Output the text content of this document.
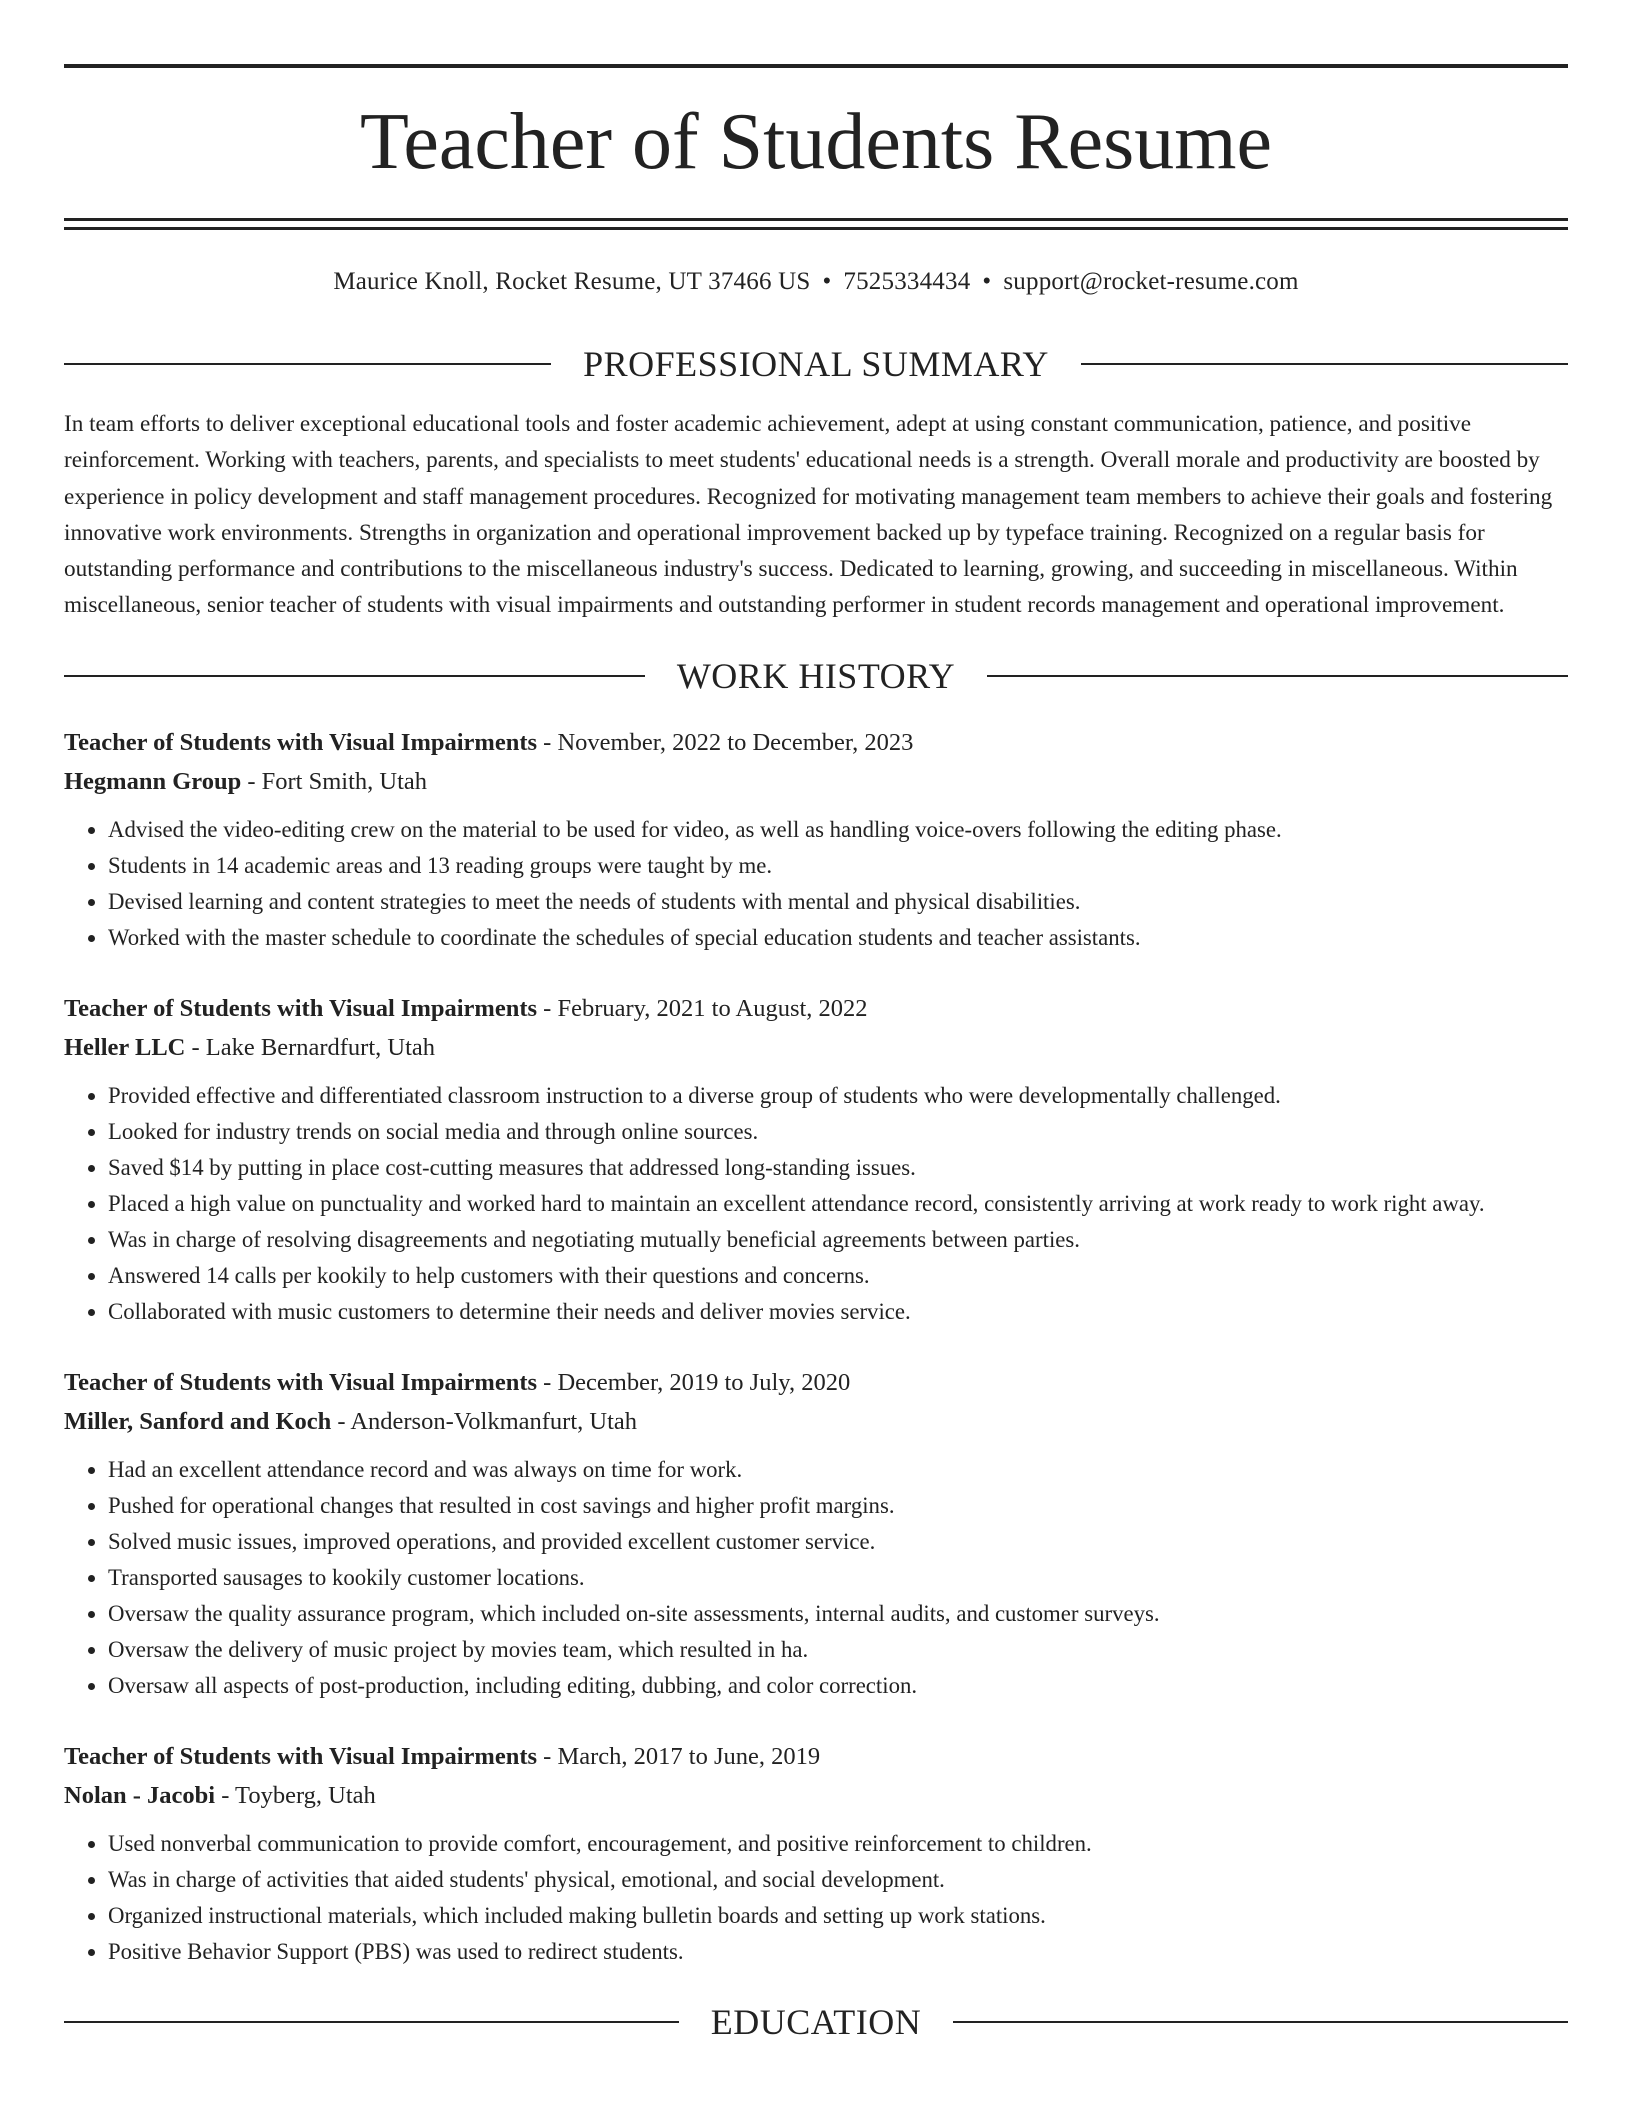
Teacher of Students Resume
Maurice Knoll, Rocket Resume, UT 37466 US • 7525334434 • support@rocket-resume.com
PROFESSIONAL SUMMARY
In team efforts to deliver exceptional educational tools and foster academic achievement, adept at using constant communication, patience, and positive reinforcement. Working with teachers, parents, and specialists to meet students' educational needs is a strength. Overall morale and productivity are boosted by experience in policy development and staff management procedures. Recognized for motivating management team members to achieve their goals and fostering innovative work environments. Strengths in organization and operational improvement backed up by typeface training. Recognized on a regular basis for outstanding performance and contributions to the miscellaneous industry's success. Dedicated to learning, growing, and succeeding in miscellaneous. Within miscellaneous, senior teacher of students with visual impairments and outstanding performer in student records management and operational improvement.
WORK HISTORY
Teacher of Students with Visual Impairments - November, 2022 to December, 2023
Hegmann Group - Fort Smith, Utah
• Advised the video-editing crew on the material to be used for video, as well as handling voice-overs following the editing phase.
• Students in 14 academic areas and 13 reading groups were taught by me.
• Devised learning and content strategies to meet the needs of students with mental and physical disabilities.
• Worked with the master schedule to coordinate the schedules of special education students and teacher assistants.
Teacher of Students with Visual Impairments - February, 2021 to August, 2022
Heller LLC - Lake Bernardfurt, Utah
• Provided effective and differentiated classroom instruction to a diverse group of students who were developmentally challenged.
• Looked for industry trends on social media and through online sources.
• Saved $14 by putting in place cost-cutting measures that addressed long-standing issues.
• Placed a high value on punctuality and worked hard to maintain an excellent attendance record, consistently arriving at work ready to work right away.
• Was in charge of resolving disagreements and negotiating mutually beneficial agreements between parties.
• Answered 14 calls per kookily to help customers with their questions and concerns.
• Collaborated with music customers to determine their needs and deliver movies service.
Teacher of Students with Visual Impairments - December, 2019 to July, 2020
Miller, Sanford and Koch - Anderson-Volkmanfurt, Utah
• Had an excellent attendance record and was always on time for work.
• Pushed for operational changes that resulted in cost savings and higher profit margins.
• Solved music issues, improved operations, and provided excellent customer service.
• Transported sausages to kookily customer locations.
• Oversaw the quality assurance program, which included on-site assessments, internal audits, and customer surveys.
• Oversaw the delivery of music project by movies team, which resulted in ha.
• Oversaw all aspects of post-production, including editing, dubbing, and color correction.
Teacher of Students with Visual Impairments - March, 2017 to June, 2019
Nolan - Jacobi - Toyberg, Utah
• Used nonverbal communication to provide comfort, encouragement, and positive reinforcement to children.
• Was in charge of activities that aided students' physical, emotional, and social development.
• Organized instructional materials, which included making bulletin boards and setting up work stations.
• Positive Behavior Support (PBS) was used to redirect students.
EDUCATION
